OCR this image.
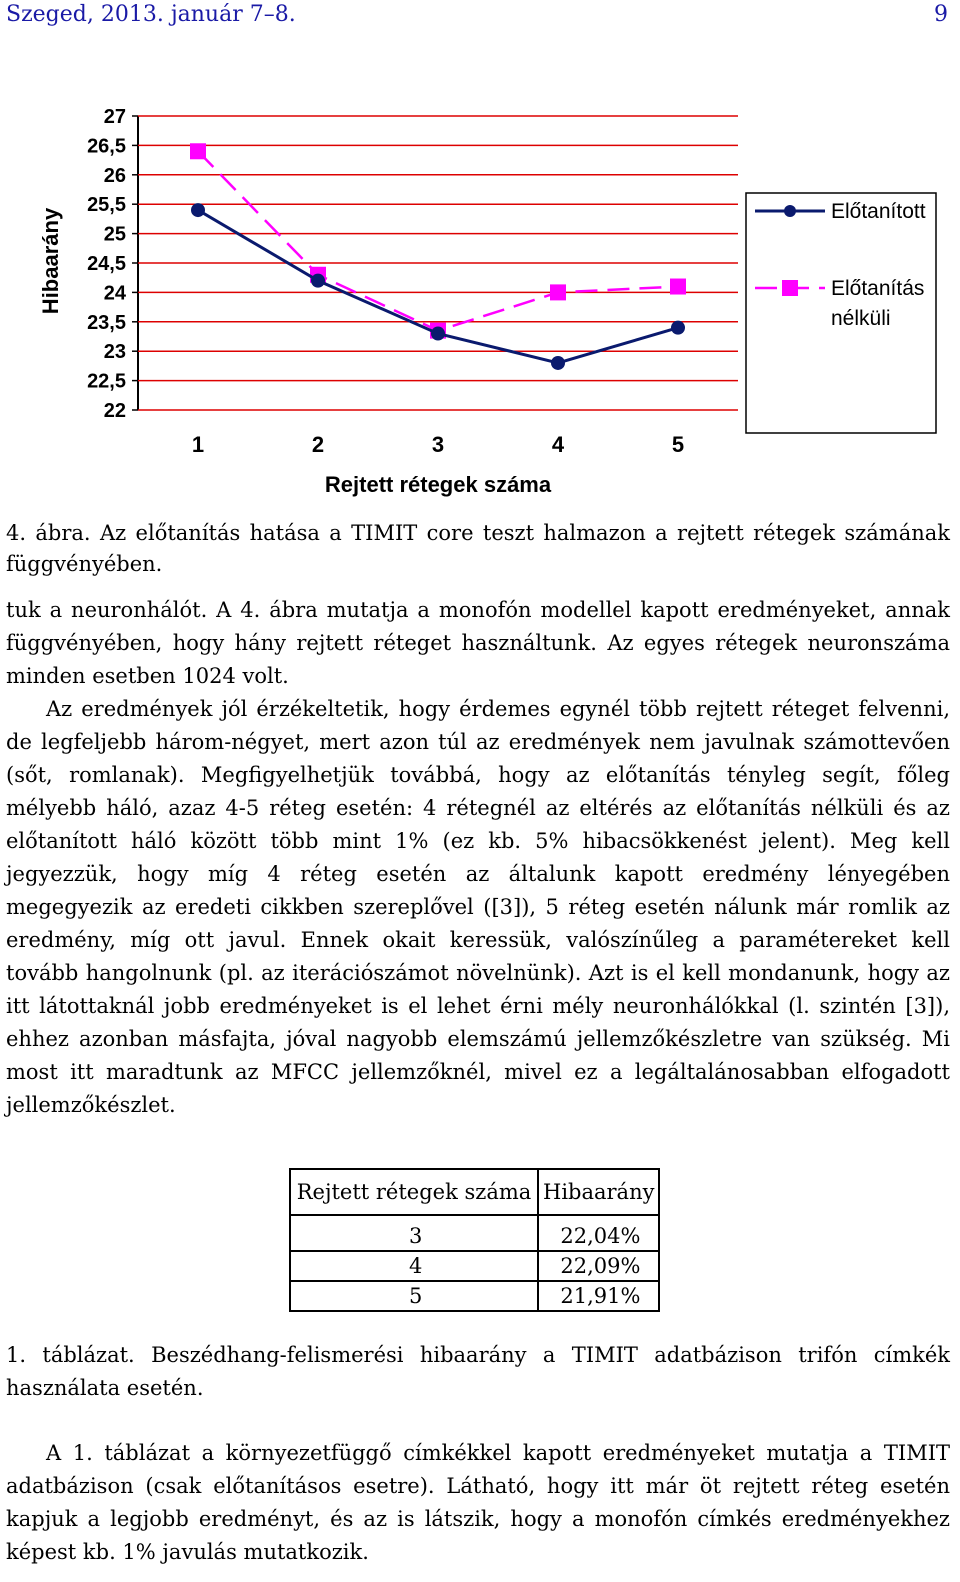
Szeged, 2013. január 7–8.	9
22
22,5
23
23,5
24
24,5
25
25,5
26
26,5
27
1	2	3	4	5
Hibaarány
Rejtett rétegek száma
Előtanított
Előtanítás
nélküli
4. ábra. Az előtanítás hatása a TIMIT core teszt halmazon a rejtett rétegek számának függvényében.

tuk a neuronhálót. A 4. ábra mutatja a monofón modellel kapott eredményeket, annak függvényében, hogy hány rejtett réteget használtunk. Az egyes rétegek neuronszáma minden esetben 1024 volt.

Az eredmények jól érzékeltetik, hogy érdemes egynél több rejtett réteget felvenni, de legfeljebb három-négyet, mert azon túl az eredmények nem javulnak számottevően (sőt, romlanak). Megfigyelhetjük továbbá, hogy az előtanítás tényleg segít, főleg mélyebb háló, azaz 4-5 réteg esetén: 4 rétegnél az eltérés az előtanítás nélküli és az előtanított háló között több mint 1% (ez kb. 5% hibacsökkenést jelent). Meg kell jegyezzük, hogy míg 4 réteg esetén az általunk kapott eredmény lényegében megegyezik az eredeti cikkben szereplővel ([3]), 5 réteg esetén nálunk már romlik az eredmény, míg ott javul. Ennek okait keressük, valószínűleg a paramétereket kell tovább hangolnunk (pl. az iterációszámot növelnünk). Azt is el kell mondanunk, hogy az itt látottaknál jobb eredményeket is el lehet érni mély neuronhálókkal (l. szintén [3]), ehhez azonban másfajta, jóval nagyobb elemszámú jellemzőkészletre van szükség. Mi most itt maradtunk az MFCC jellemzőknél, mivel ez a legáltalánosabban elfogadott jellemzőkészlet.

Rejtett rétegek száma	Hibaarány
3	22,04%
4	22,09%
5	21,91%
1. táblázat. Beszédhang-felismerési hibaarány a TIMIT adatbázison trifón címkék használata esetén.
A 1. táblázat a környezetfüggő címkékkel kapott eredményeket mutatja a TIMIT adatbázison (csak előtanításos esetre). Látható, hogy itt már öt rejtett réteg esetén kapjuk a legjobb eredményt, és az is látszik, hogy a monofón címkés eredményekhez képest kb. 1% javulás mutatkozik.
